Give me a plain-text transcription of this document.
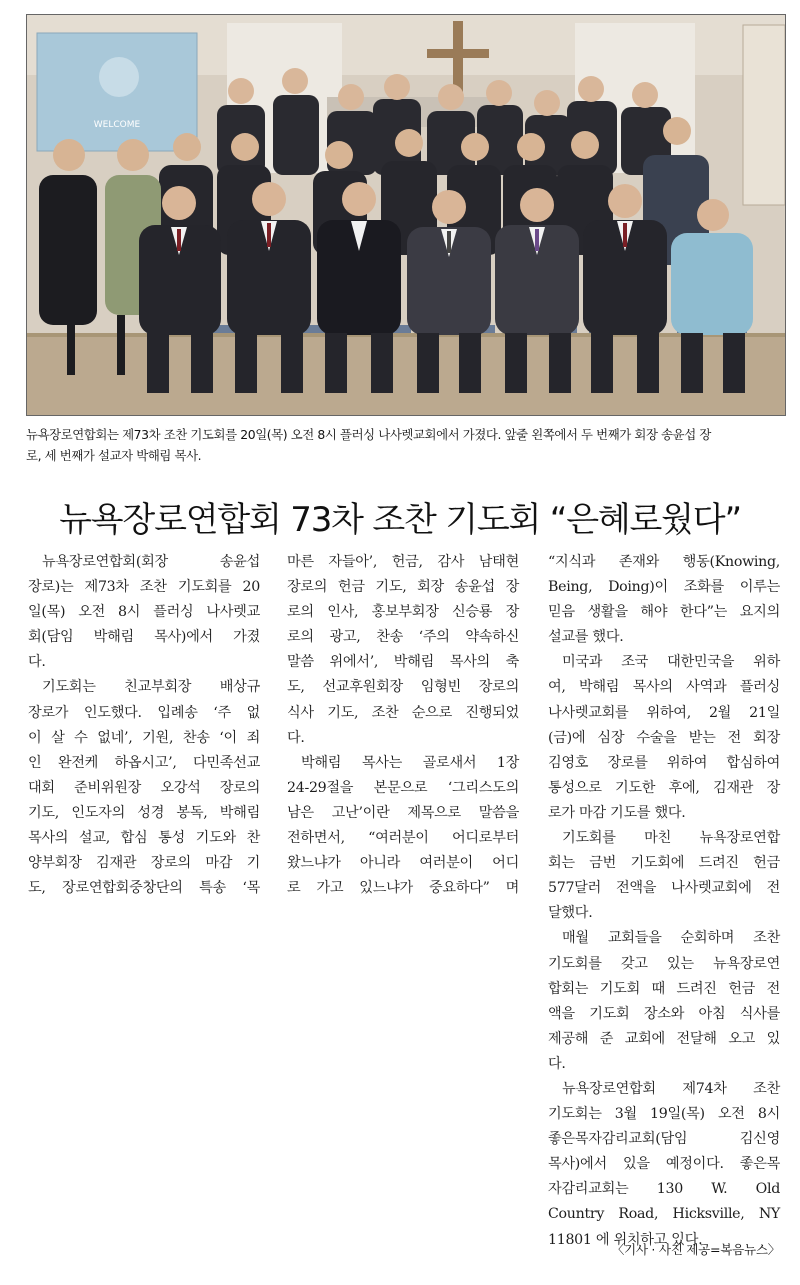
WELCOME
뉴욕장로연합회는 제73차 조찬 기도회를 20일(목) 오전 8시 플러싱 나사렛교회에서 가졌다. 앞줄 왼쪽에서 두 번째가 회장 송윤섭 장
로, 세 번째가 설교자 박해림 목사.
뉴욕장로연합회 73차 조찬 기도회 “은혜로웠다”
뉴욕장로연합회(회장 송윤섭
장로)는 제73차 조찬 기도회를 20
일(목) 오전 8시 플러싱 나사렛교
회(담임 박해림 목사)에서 가졌
다.
기도회는 친교부회장 배상규
장로가 인도했다. 입례송 ‘주 없
이 살 수 없네’, 기원, 찬송 ‘이 죄
인 완전케 하옵시고’, 다민족선교
대회 준비위원장 오강석 장로의
기도, 인도자의 성경 봉독, 박해림
목사의 설교, 합심 통성 기도와 찬
양부회장 김재관 장로의 마감 기
도, 장로연합회중창단의 특송 ‘목
마른 자들아’, 헌금, 감사 남태현
장로의 헌금 기도, 회장 송윤섭 장
로의 인사, 홍보부회장 신승룡 장
로의 광고, 찬송 ‘주의 약속하신
말씀 위에서’, 박해림 목사의 축
도, 선교후원회장 임형빈 장로의
식사 기도, 조찬 순으로 진행되었
다.
박해림 목사는 골로새서 1장
24-29절을 본문으로 ‘그리스도의
남은 고난’이란 제목으로 말씀을
전하면서, “여러분이 어디로부터
왔느냐가 아니라 여러분이 어디
로 가고 있느냐가 중요하다” 며
“지식과 존재와 행동(Knowing,
Being, Doing)이 조화를 이루는
믿음 생활을 해야 한다”는 요지의
설교를 했다.
미국과 조국 대한민국을 위하
여, 박해림 목사의 사역과 플러싱
나사렛교회를 위하여, 2월 21일
(금)에 심장 수술을 받는 전 회장
김영호 장로를 위하여 합심하여
통성으로 기도한 후에, 김재관 장
로가 마감 기도를 했다.
기도회를 마친 뉴욕장로연합
회는 금번 기도회에 드려진 헌금
577달러 전액을 나사렛교회에 전
달했다.
매월 교회들을 순회하며 조찬
기도회를 갖고 있는 뉴욕장로연
합회는 기도회 때 드려진 헌금 전
액을 기도회 장소와 아침 식사를
제공해 준 교회에 전달해 오고 있
다.
뉴욕장로연합회 제74차 조찬
기도회는 3월 19일(목) 오전 8시
좋은목자감리교회(담임 김신영
목사)에서 있을 예정이다. 좋은목
자감리교회는 130 W. Old
Country Road, Hicksville, NY
11801 에 위치하고 있다.
〈기사 · 사진 제공=복음뉴스〉
